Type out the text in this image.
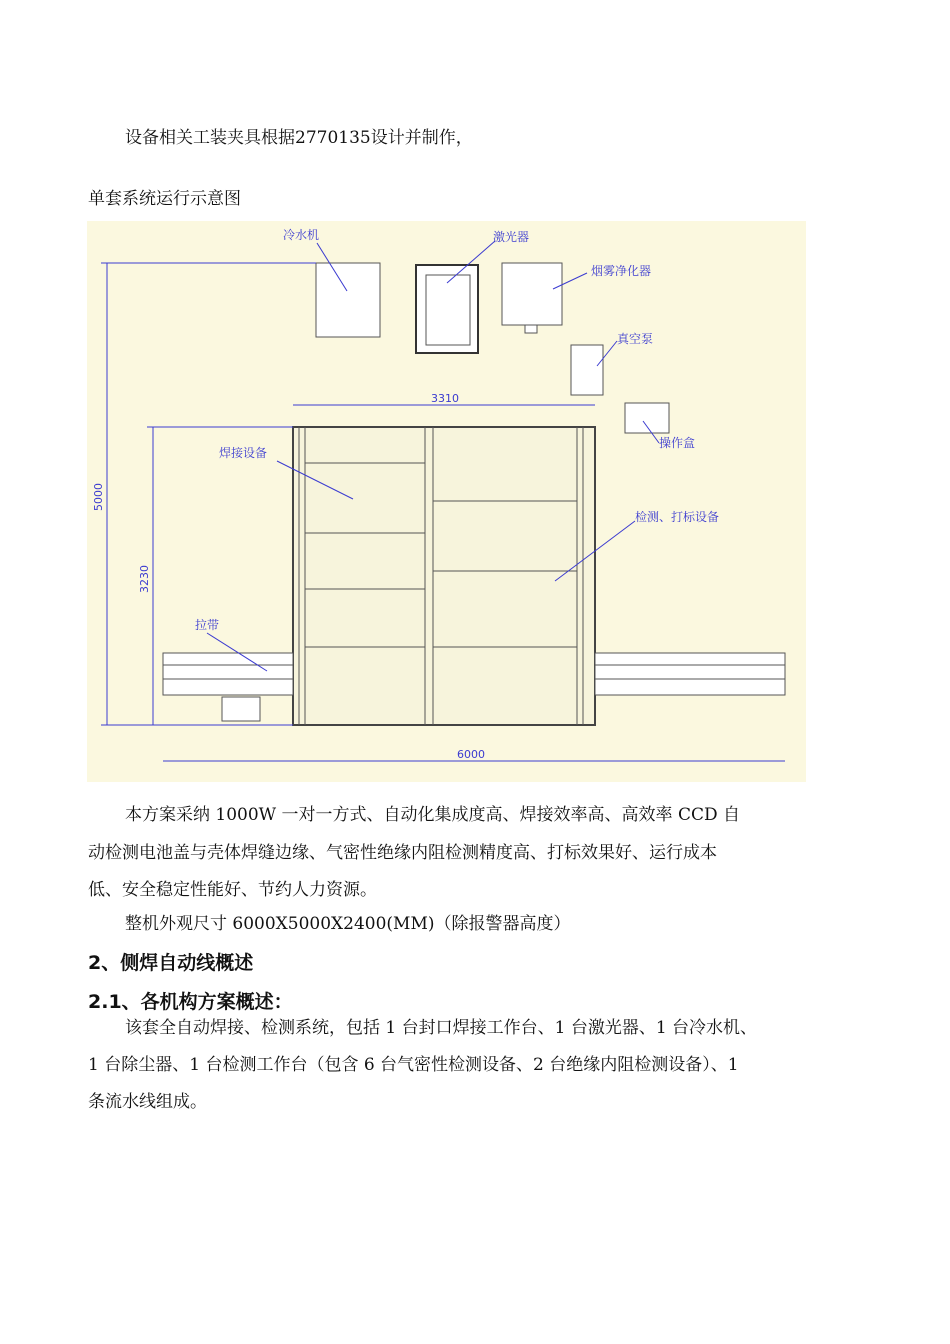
设备相关工装夹具根据2770135设计并制作，
单套系统运行示意图
冷水机	激光器
烟雾净化器
真空泵
操作盒
焊接设备
检测、打标设备
拉带
3310
6000
5000
3230
本方案采纳 1000W 一对一方式、自动化集成度高、焊接效率高、高效率 CCD 自
动检测电池盖与壳体焊缝边缘、气密性绝缘内阻检测精度高、打标效果好、运行成本
低、安全稳定性能好、节约人力资源。
整机外观尺寸 6000X5000X2400(MM)（除报警器高度）
2、侧焊自动线概述
2.1、各机构方案概述：
该套全自动焊接、检测系统，包括 1 台封口焊接工作台、1 台激光器、1 台冷水机、
1 台除尘器、1 台检测工作台（包含 6 台气密性检测设备、2 台绝缘内阻检测设备）、1
条流水线组成。
